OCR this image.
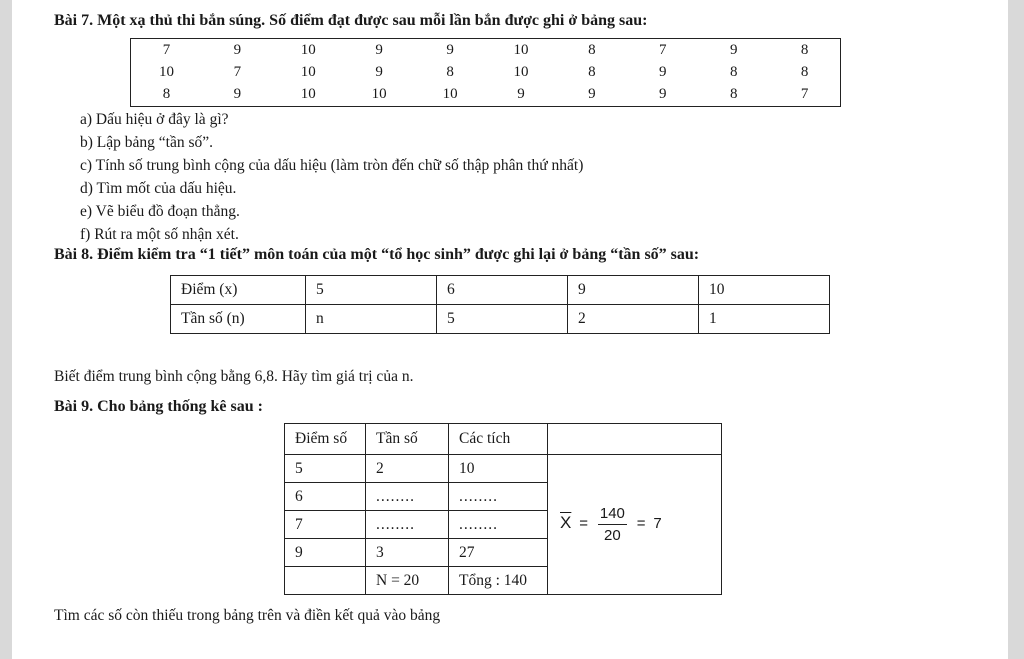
Bài 7. Một xạ thủ thi bắn súng. Số điểm đạt được sau mỗi lần bắn được ghi ở bảng sau:
7	9	10	9	9	10	8	7	9	8
10	7	10	9	8	10	8	9	8	8
8	9	10	10	10	9	9	9	8	7
a) Dấu hiệu ở đây là gì?
b) Lập bảng “tần số”.
c) Tính số trung bình cộng của dấu hiệu (làm tròn đến chữ số thập phân thứ nhất)
d) Tìm mốt của dấu hiệu.
e) Vẽ biểu đồ đoạn thẳng.
f) Rút ra một số nhận xét.
Bài 8. Điểm kiểm tra “1 tiết” môn toán của một “tổ học sinh” được ghi lại ở bảng “tần số” sau:
Điểm (x)	5	6	9	10
Tần số (n)	n	5	2	1
Biết điểm trung bình cộng bằng 6,8. Hãy tìm giá trị của n.
Bài 9. Cho bảng thống kê sau :
Điểm số	Tần số	Các tích	
5	2	10	$\overline{X} = \frac{140}{20} = 7$
6	........	........	
7	........	........	
9	3	27	
	N = 20	Tổng : 140	
Tìm các số còn thiếu trong bảng trên và điền kết quả vào bảng
